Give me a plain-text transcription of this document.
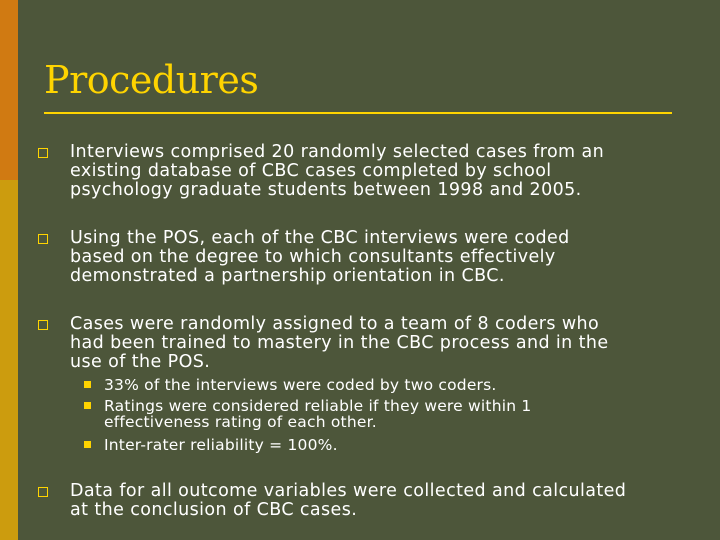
Procedures
Interviews comprised 20 randomly selected cases from an
existing database of CBC cases completed by school
psychology graduate students between 1998 and 2005.
Using the POS, each of the CBC interviews were coded
based on the degree to which consultants effectively
demonstrated a partnership orientation in CBC.
Cases were randomly assigned to a team of 8 coders who
had been trained to mastery in the CBC process and in the
use of the POS.
33% of the interviews were coded by two coders.
Ratings were considered reliable if they were within 1
effectiveness rating of each other.
Inter-rater reliability = 100%.
Data for all outcome variables were collected and calculated
at the conclusion of CBC cases.
